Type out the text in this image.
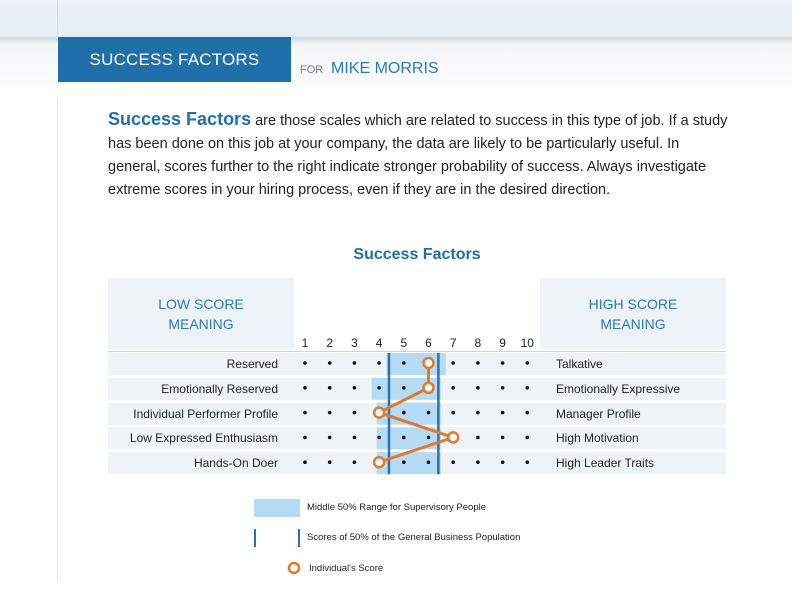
SUCCESS FACTORS
FOR MIKE MORRIS
Success Factors are those scales which are related to success in this type of job. If a study has been done on this job at your company, the data are likely to be particularly useful. In general, scores further to the right indicate stronger probability of success. Always investigate extreme scores in your hiring process, even if they are in the desired direction.
Success Factors
LOW SCORE
MEANING
HIGH SCORE
MEANING
Reserved	Talkative
Emotionally Reserved	Emotionally Expressive
Individual Performer Profile	Manager Profile
Low Expressed Enthusiasm	High Motivation
Hands-On Doer	High Leader Traits
1 2 3 4 5 6 7 8 9 10
Middle 50% Range for Supervisory People
Scores of 50% of the General Business Population
Individual's Score
